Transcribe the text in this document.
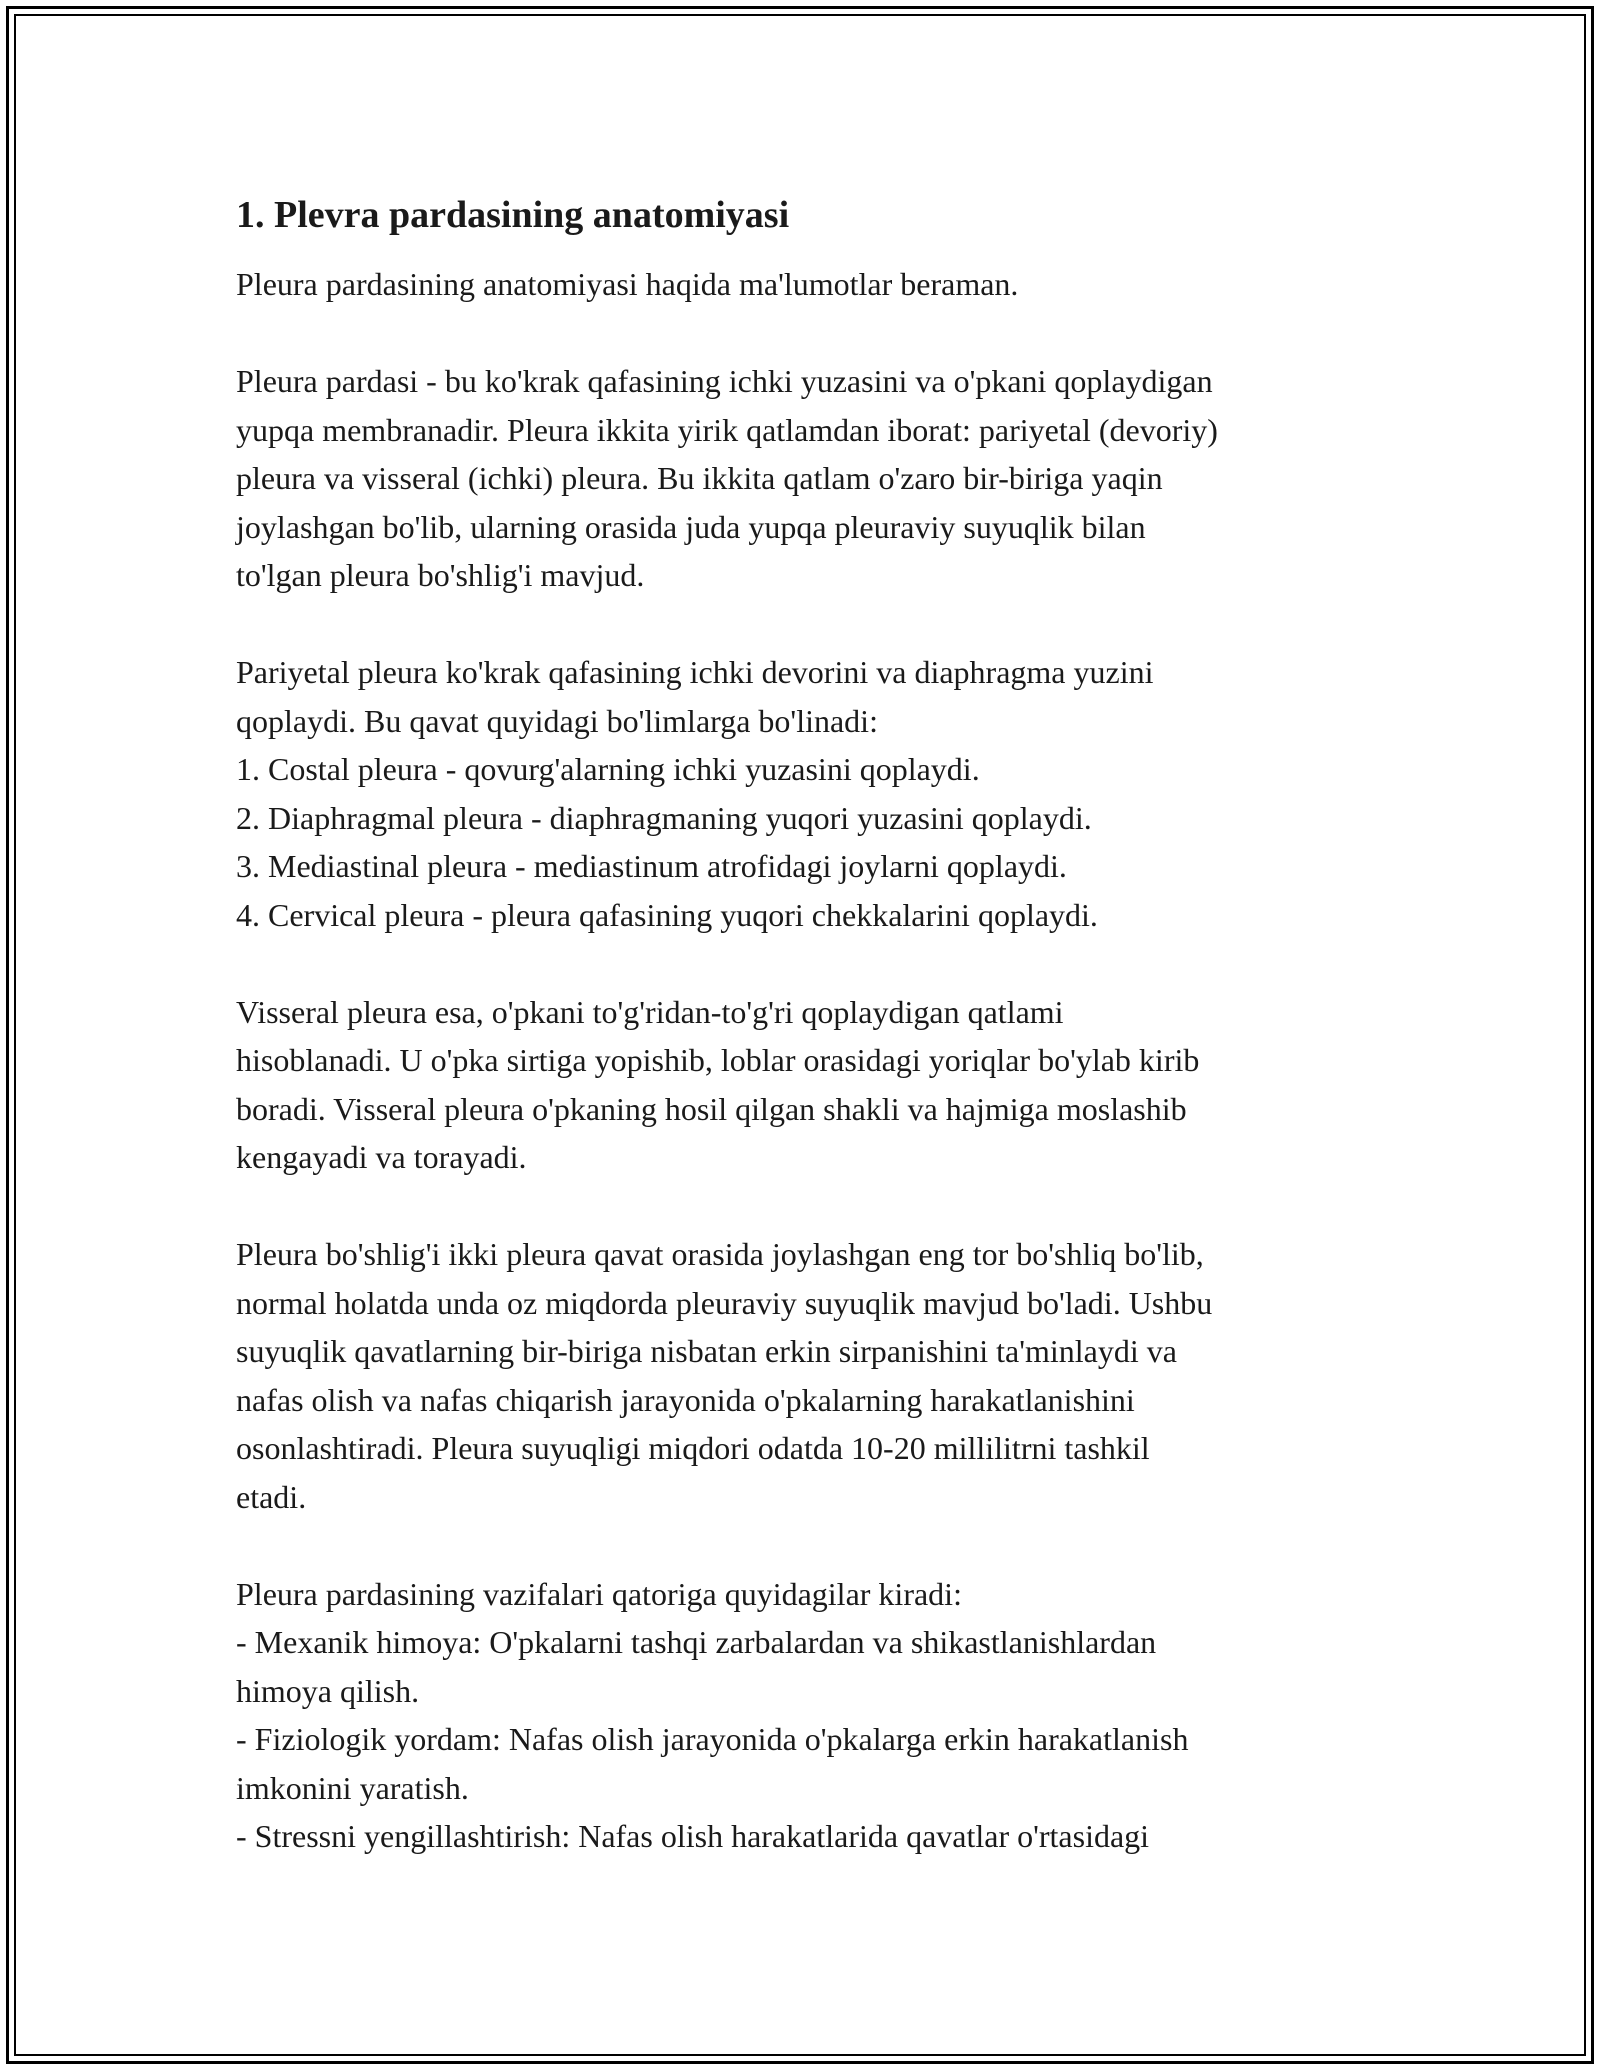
1. Plevra pardasining anatomiyasi

Pleura pardasining anatomiyasi haqida ma'lumotlar beraman.

Pleura pardasi - bu ko'krak qafasining ichki yuzasini va o'pkani qoplaydigan
yupqa membranadir. Pleura ikkita yirik qatlamdan iborat: pariyetal (devoriy)
pleura va visseral (ichki) pleura. Bu ikkita qatlam o'zaro bir-biriga yaqin
joylashgan bo'lib, ularning orasida juda yupqa pleuraviy suyuqlik bilan
to'lgan pleura bo'shlig'i mavjud.

Pariyetal pleura ko'krak qafasining ichki devorini va diaphragma yuzini
qoplaydi. Bu qavat quyidagi bo'limlarga bo'linadi:
1. Costal pleura - qovurg'alarning ichki yuzasini qoplaydi.
2. Diaphragmal pleura - diaphragmaning yuqori yuzasini qoplaydi.
3. Mediastinal pleura - mediastinum atrofidagi joylarni qoplaydi.
4. Cervical pleura - pleura qafasining yuqori chekkalarini qoplaydi.

Visseral pleura esa, o'pkani to'g'ridan-to'g'ri qoplaydigan qatlami
hisoblanadi. U o'pka sirtiga yopishib, loblar orasidagi yoriqlar bo'ylab kirib
boradi. Visseral pleura o'pkaning hosil qilgan shakli va hajmiga moslashib
kengayadi va torayadi.

Pleura bo'shlig'i ikki pleura qavat orasida joylashgan eng tor bo'shliq bo'lib,
normal holatda unda oz miqdorda pleuraviy suyuqlik mavjud bo'ladi. Ushbu
suyuqlik qavatlarning bir-biriga nisbatan erkin sirpanishini ta'minlaydi va
nafas olish va nafas chiqarish jarayonida o'pkalarning harakatlanishini
osonlashtiradi. Pleura suyuqligi miqdori odatda 10-20 millilitrni tashkil
etadi.

Pleura pardasining vazifalari qatoriga quyidagilar kiradi:
- Mexanik himoya: O'pkalarni tashqi zarbalardan va shikastlanishlardan
himoya qilish.
- Fiziologik yordam: Nafas olish jarayonida o'pkalarga erkin harakatlanish
imkonini yaratish.
- Stressni yengillashtirish: Nafas olish harakatlarida qavatlar o'rtasidagi
